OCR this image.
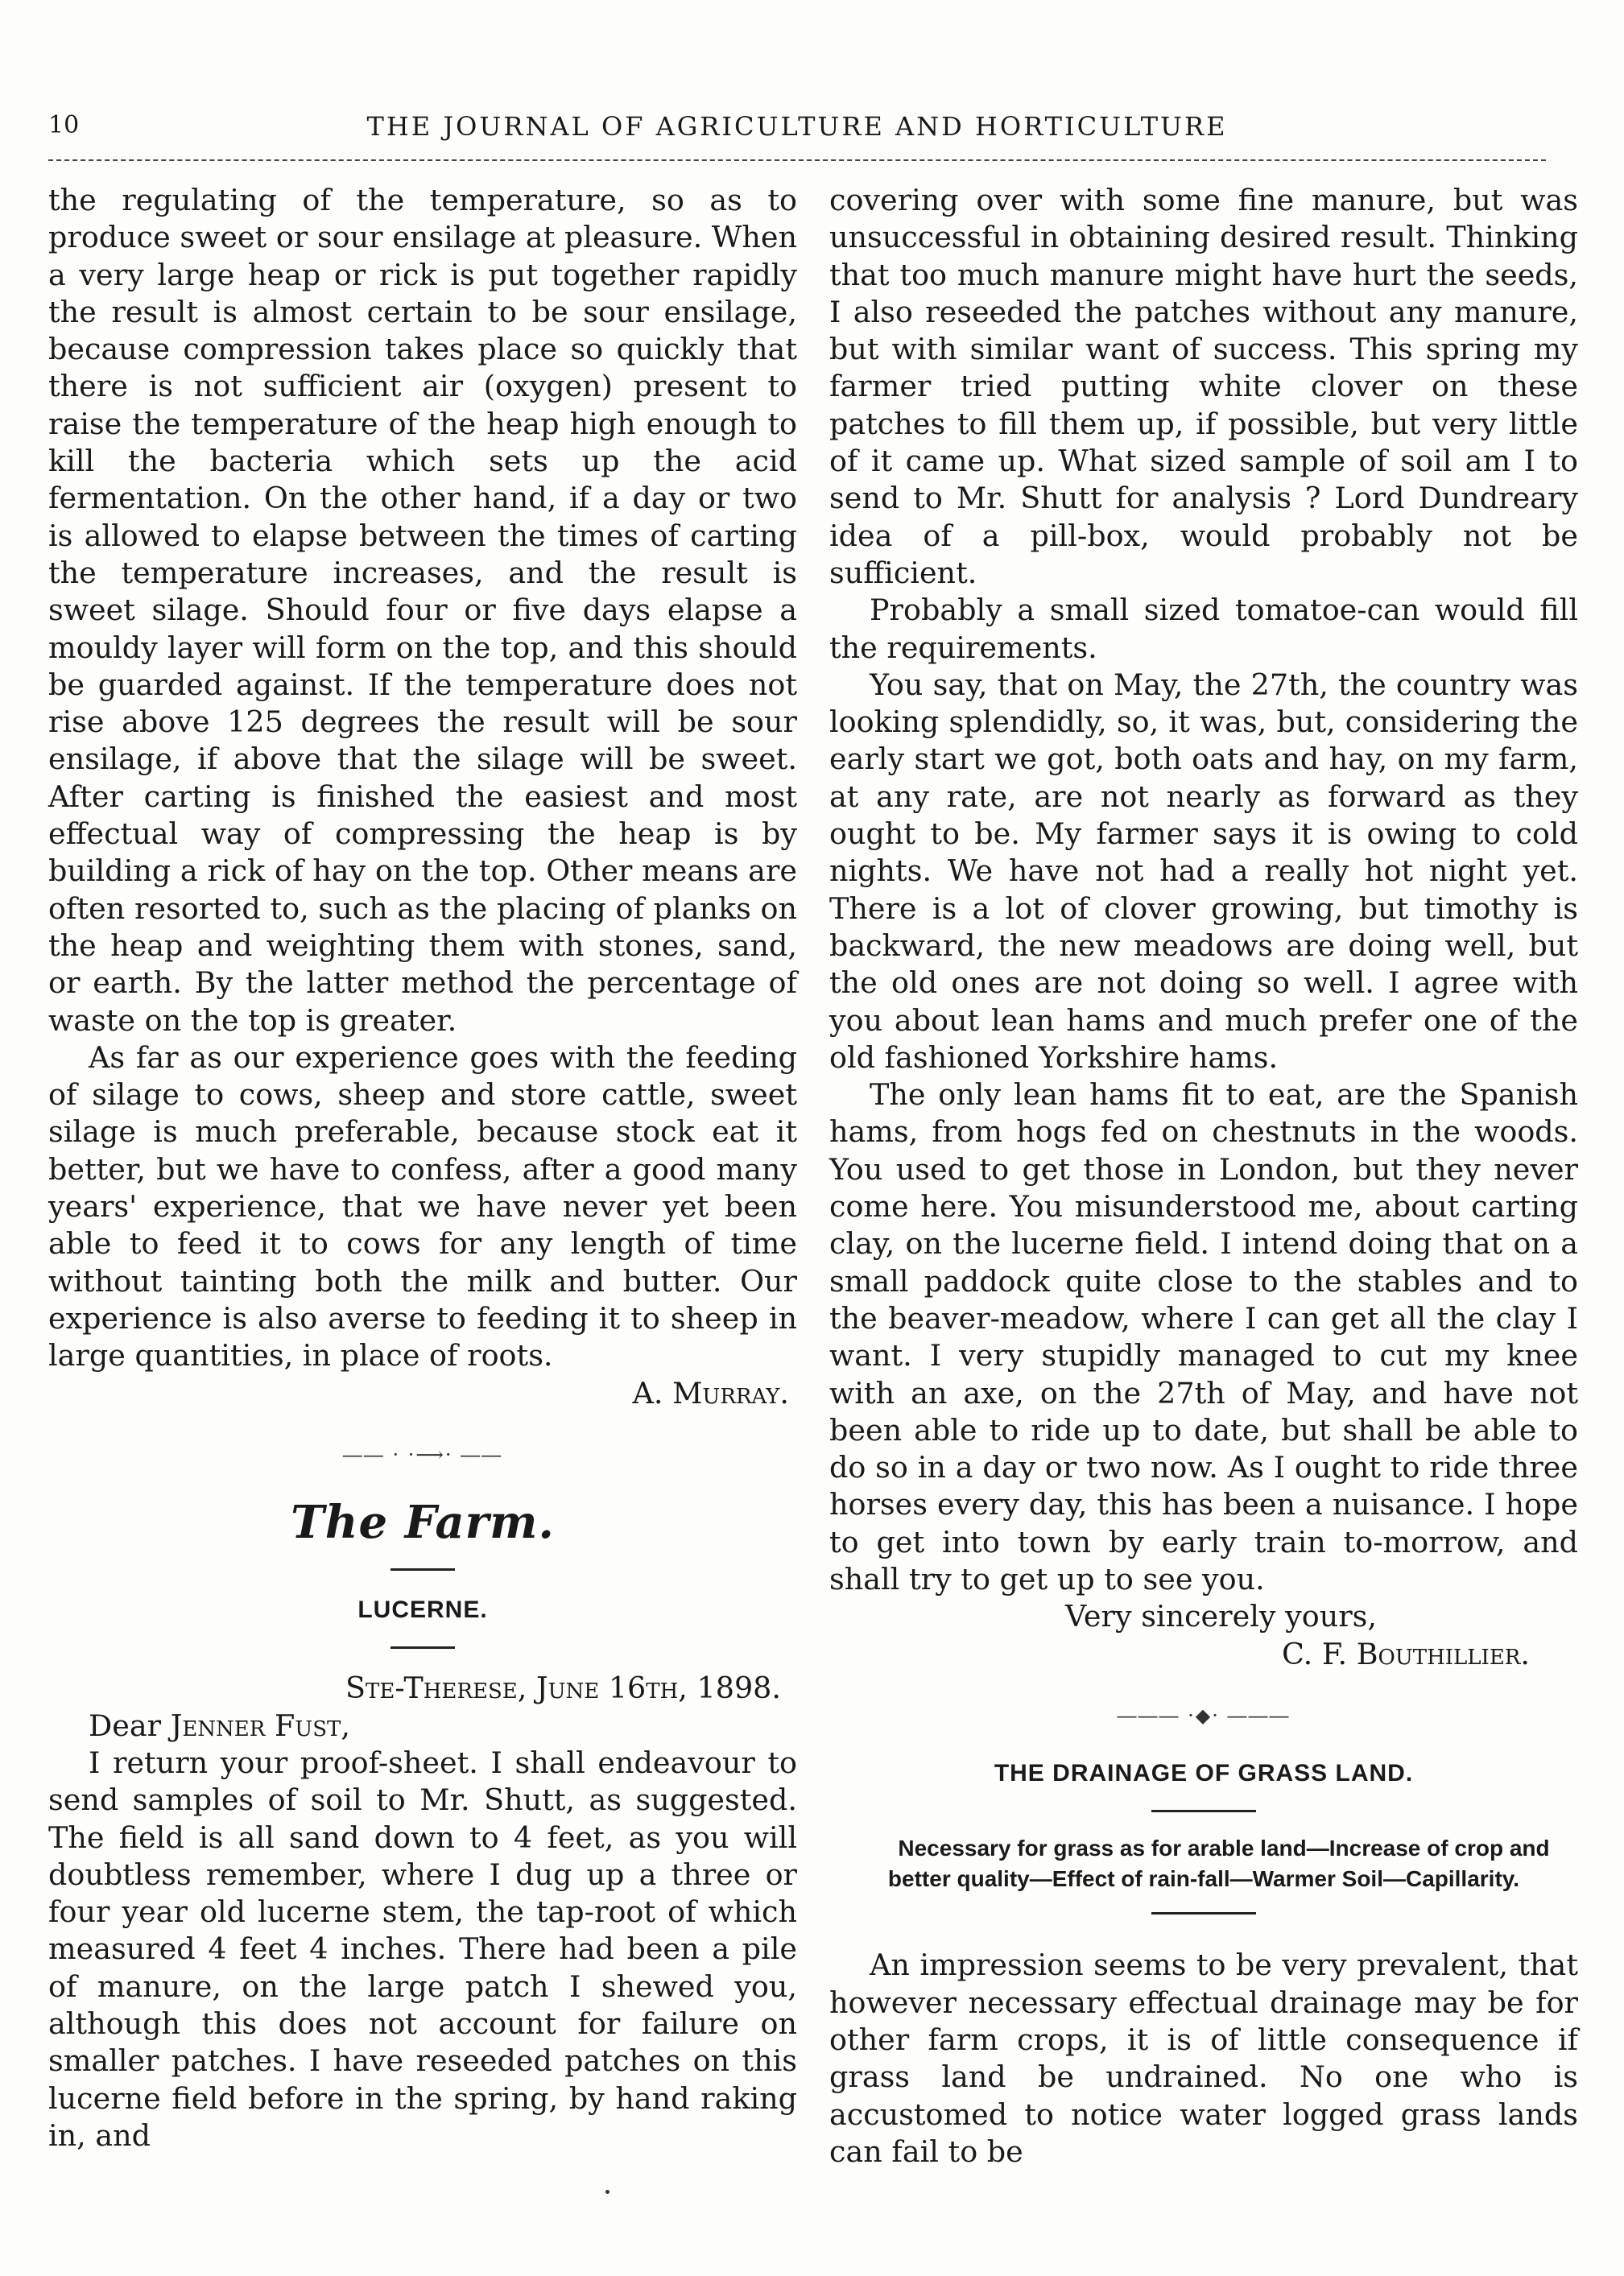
10	THE JOURNAL OF AGRICULTURE AND HORTICULTURE

the regulating of the temperature, so as to produce sweet or sour ensilage at pleasure. When a very large heap or rick is put together rapidly the result is almost certain to be sour ensilage, because compression takes place so quickly that there is not sufficient air (oxygen) present to raise the temperature of the heap high enough to kill the bacteria which sets up the acid fermentation. On the other hand, if a day or two is allowed to elapse between the times of carting the temperature increases, and the result is sweet silage. Should four or five days elapse a mouldy layer will form on the top, and this should be guarded against. If the temperature does not rise above 125 degrees the result will be sour ensilage, if above that the silage will be sweet. After carting is finished the easiest and most effectual way of compressing the heap is by building a rick of hay on the top. Other means are often resorted to, such as the placing of planks on the heap and weighting them with stones, sand, or earth. By the latter method the percentage of waste on the top is greater.

As far as our experience goes with the feeding of silage to cows, sheep and store cattle, sweet silage is much preferable, because stock eat it better, but we have to confess, after a good many years' experience, that we have never yet been able to feed it to cows for any length of time without tainting both the milk and butter. Our experience is also averse to feeding it to sheep in large quantities, in place of roots.

A. Murray.

―― · ·⟶· ――
The Farm.
LUCERNE.

Ste-Therese, June 16th, 1898.

Dear Jenner Fust,

I return your proof-sheet. I shall endeavour to send samples of soil to Mr. Shutt, as suggested. The field is all sand down to 4 feet, as you will doubtless remember, where I dug up a three or four year old lucerne stem, the tap-root of which measured 4 feet 4 inches. There had been a pile of manure, on the large patch I shewed you, although this does not account for failure on smaller patches. I have reseeded patches on this lucerne field before in the spring, by hand raking in, and

covering over with some fine manure, but was unsuccessful in obtaining desired result. Thinking that too much manure might have hurt the seeds, I also reseeded the patches without any manure, but with similar want of success. This spring my farmer tried putting white clover on these patches to fill them up, if possible, but very little of it came up. What sized sample of soil am I to send to Mr. Shutt for analysis ? Lord Dundreary idea of a pill-box, would probably not be sufficient.

Probably a small sized tomatoe-can would fill the requirements.

You say, that on May, the 27th, the country was looking splendidly, so, it was, but, considering the early start we got, both oats and hay, on my farm, at any rate, are not nearly as forward as they ought to be. My farmer says it is owing to cold nights. We have not had a really hot night yet. There is a lot of clover growing, but timothy is backward, the new meadows are doing well, but the old ones are not doing so well. I agree with you about lean hams and much prefer one of the old fashioned Yorkshire hams.

The only lean hams fit to eat, are the Spanish hams, from hogs fed on chestnuts in the woods. You used to get those in London, but they never come here. You misunderstood me, about carting clay, on the lucerne field. I intend doing that on a small paddock quite close to the stables and to the beaver-meadow, where I can get all the clay I want. I very stupidly managed to cut my knee with an axe, on the 27th of May, and have not been able to ride up to date, but shall be able to do so in a day or two now. As I ought to ride three horses every day, this has been a nuisance. I hope to get into town by early train to-morrow, and shall try to get up to see you.

Very sincerely yours,

C. F. Bouthillier.

――― ·◆· ―――
THE DRAINAGE OF GRASS LAND.

Necessary for grass as for arable land—Increase of crop and better quality—Effect of rain-fall—Warmer Soil—Capillarity.

An impression seems to be very prevalent, that however necessary effectual drainage may be for other farm crops, it is of little consequence if grass land be undrained. No one who is accustomed to notice water logged grass lands can fail to be
